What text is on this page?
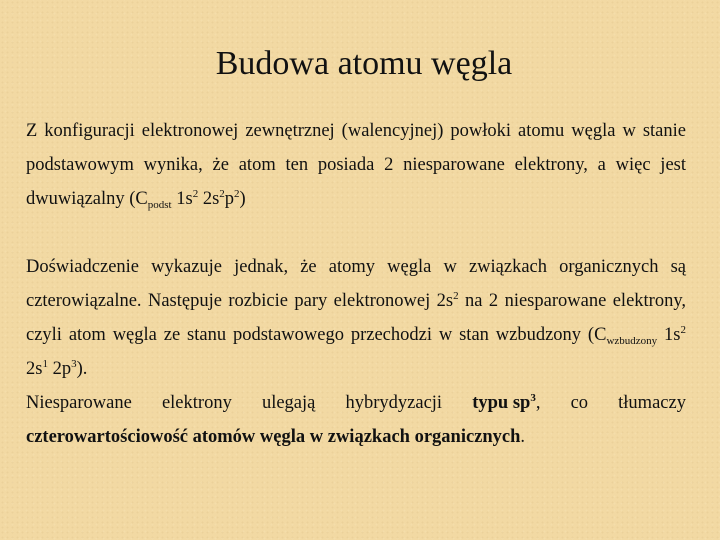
Budowa atomu węgla

Z konfiguracji elektronowej zewnętrznej (walencyjnej) powłoki atomu węgla w stanie podstawowym wynika, że atom ten posiada 2 niesparowane elektrony, a więc jest dwuwiązalny ($C_{podst}$ $1s^2$ $2s^2p^2$)

Doświadczenie wykazuje jednak, że atomy węgla w związkach organicznych są czterowiązalne. Następuje rozbicie pary elektronowej $2s^2$ na 2 niesparowane elektrony, czyli atom węgla ze stanu podstawowego przechodzi w stan wzbudzony ($C_{wzbudzony}$ $1s^2$ $2s^1$ $2p^3$).

Niesparowane elektrony ulegają hybrydyzacji typu $sp^3$, co tłumaczy
czterowartościowość atomów węgla w związkach organicznych.
